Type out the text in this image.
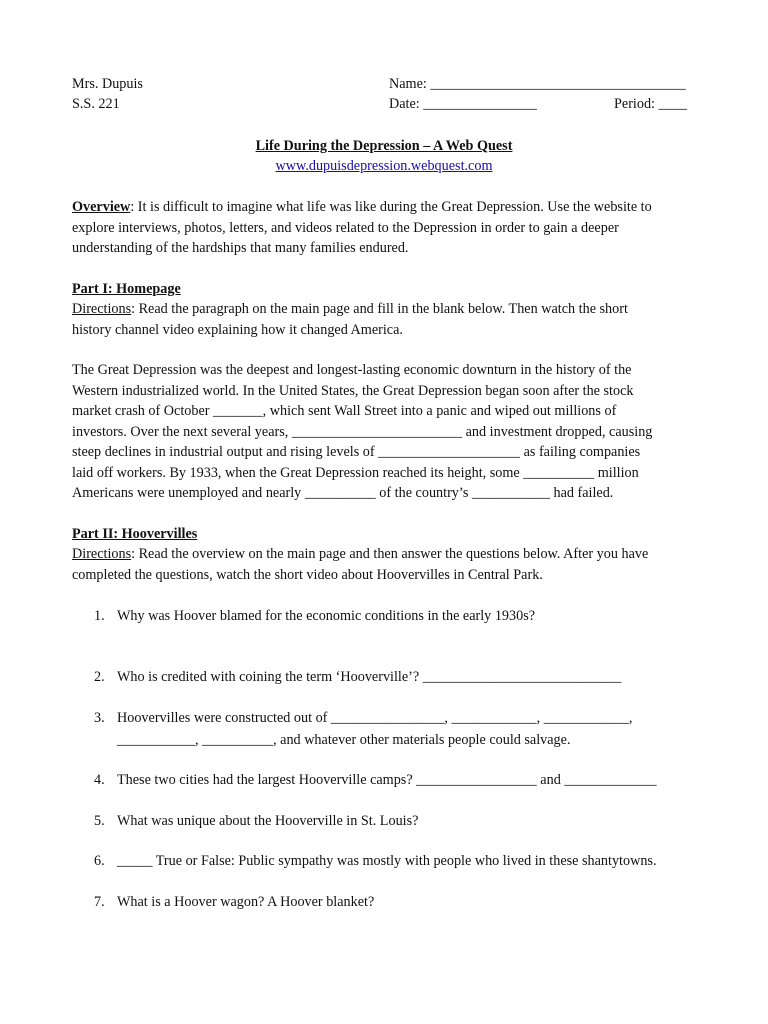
Mrs. Dupuis
S.S. 221
Name: ____________________________________
Date: ________________	Period: ____
Life During the Depression – A Web Quest
www.dupuisdepression.webquest.com
Overview: It is difficult to imagine what life was like during the Great Depression. Use the website to
explore interviews, photos, letters, and videos related to the Depression in order to gain a deeper
understanding of the hardships that many families endured.
Part I: Homepage
Directions: Read the paragraph on the main page and fill in the blank below. Then watch the short
history channel video explaining how it changed America.
The Great Depression was the deepest and longest-lasting economic downturn in the history of the
Western industrialized world. In the United States, the Great Depression began soon after the stock
market crash of October _______, which sent Wall Street into a panic and wiped out millions of
investors. Over the next several years, ________________________ and investment dropped, causing
steep declines in industrial output and rising levels of ____________________ as failing companies
laid off workers. By 1933, when the Great Depression reached its height, some __________ million
Americans were unemployed and nearly __________ of the country’s ___________ had failed.
Part II: Hoovervilles
Directions: Read the overview on the main page and then answer the questions below. After you have
completed the questions, watch the short video about Hoovervilles in Central Park.
1. Why was Hoover blamed for the economic conditions in the early 1930s?
2. Who is credited with coining the term ‘Hooverville’? ____________________________
3. Hoovervilles were constructed out of ________________, ____________, ____________,
___________, __________, and whatever other materials people could salvage.
4. These two cities had the largest Hooverville camps? _________________ and _____________
5. What was unique about the Hooverville in St. Louis?
6. _____ True or False: Public sympathy was mostly with people who lived in these shantytowns.
7. What is a Hoover wagon? A Hoover blanket?
